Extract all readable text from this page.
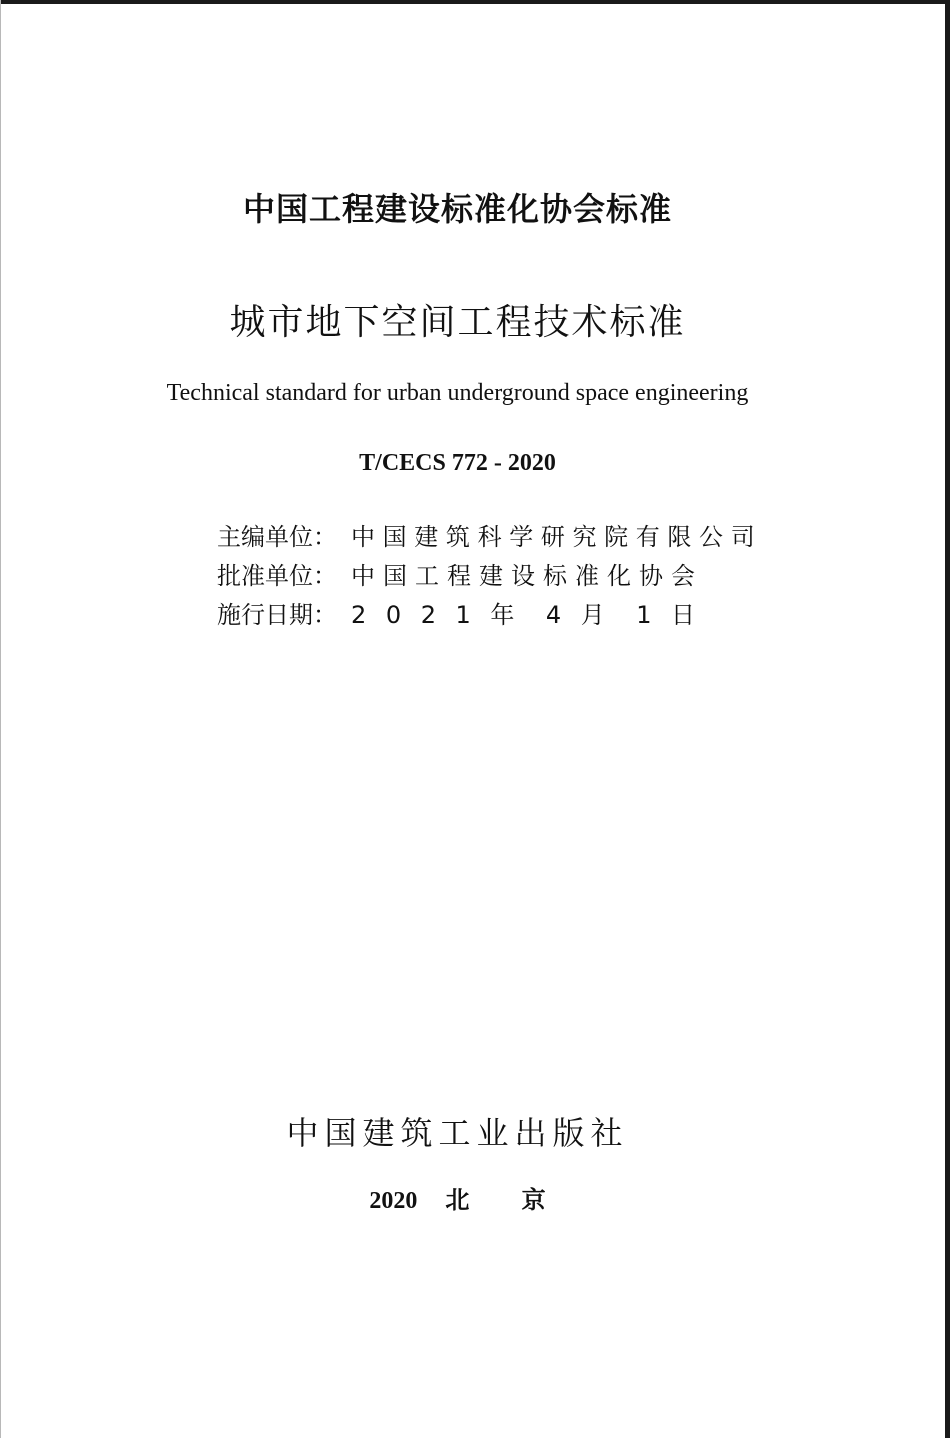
中国工程建设标准化协会标准
城市地下空间工程技术标准
Technical standard for urban underground space engineering
T/CECS 772 - 2020
主编单位： 中 国 建 筑 科 学 研 究 院 有 限 公 司
批准单位： 中 国 工 程 建 设 标 准 化 协 会
施行日期： 2 0 2 1 年 4 月 1 日
中国建筑工业出版社
2020 北 京
